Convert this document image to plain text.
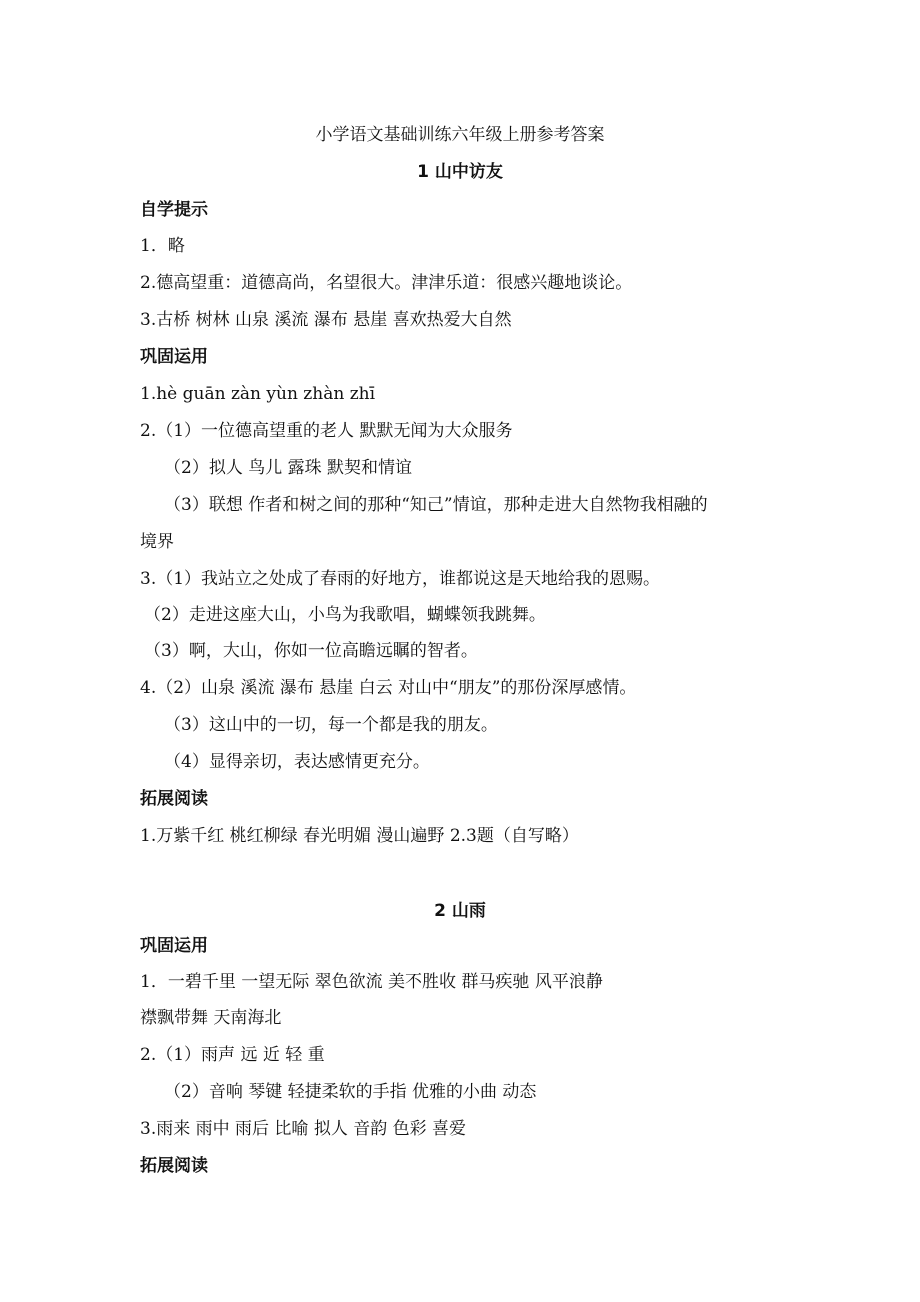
小学语文基础训练六年级上册参考答案
1 山中访友
自学提示
1．略
2.德高望重：道德高尚，名望很大。津津乐道：很感兴趣地谈论。
3.古桥 树林 山泉 溪流 瀑布 悬崖 喜欢热爱大自然
巩固运用
1.hè guān zàn yùn zhàn zhī
2.（1）一位德高望重的老人 默默无闻为大众服务
（2）拟人 鸟儿 露珠 默契和情谊
（3）联想 作者和树之间的那种“知己”情谊，那种走进大自然物我相融的
境界
3.（1）我站立之处成了春雨的好地方，谁都说这是天地给我的恩赐。
（2）走进这座大山，小鸟为我歌唱，蝴蝶领我跳舞。
（3）啊，大山，你如一位高瞻远瞩的智者。
4.（2）山泉 溪流 瀑布 悬崖 白云 对山中“朋友”的那份深厚感情。
（3）这山中的一切，每一个都是我的朋友。
（4）显得亲切，表达感情更充分。
拓展阅读
1.万紫千红 桃红柳绿 春光明媚 漫山遍野 2.3题（自写略）
2 山雨
巩固运用
1．一碧千里 一望无际 翠色欲流 美不胜收 群马疾驰 风平浪静
襟飘带舞 天南海北
2.（1）雨声 远 近 轻 重
（2）音响 琴键 轻捷柔软的手指 优雅的小曲 动态
3.雨来 雨中 雨后 比喻 拟人 音韵 色彩 喜爱
拓展阅读
